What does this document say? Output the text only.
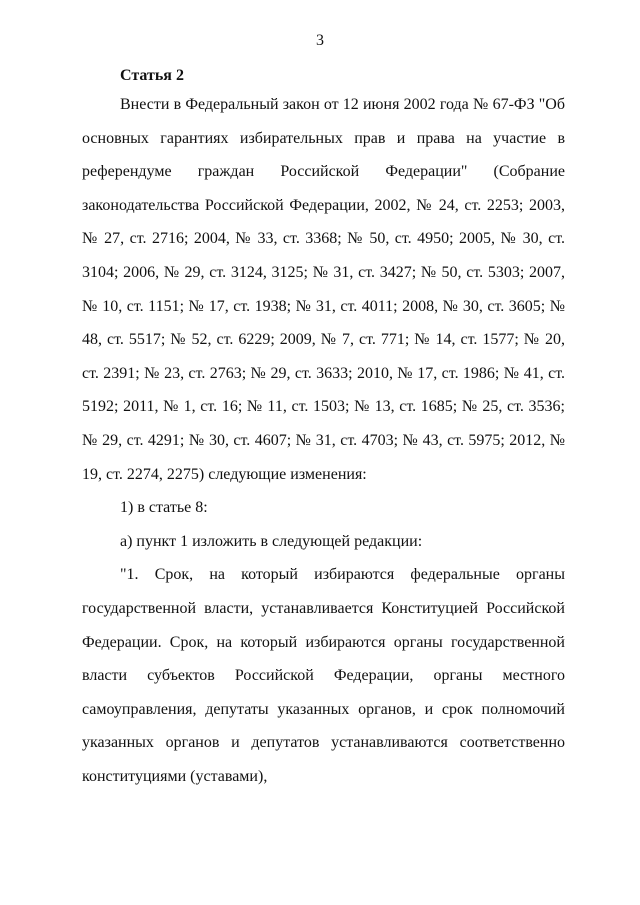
3
Статья 2

Внести в Федеральный закон от 12 июня 2002 года № 67-ФЗ "Об основных гарантиях избирательных прав и права на участие в референдуме граждан Российской Федерации" (Собрание законодательства Российской Федерации, 2002, № 24, ст. 2253; 2003, № 27, ст. 2716; 2004, № 33, ст. 3368; № 50, ст. 4950; 2005, № 30, ст. 3104; 2006, № 29, ст. 3124, 3125; № 31, ст. 3427; № 50, ст. 5303; 2007, № 10, ст. 1151; № 17, ст. 1938; № 31, ст. 4011; 2008, № 30, ст. 3605; № 48, ст. 5517; № 52, ст. 6229; 2009, № 7, ст. 771; № 14, ст. 1577; № 20, ст. 2391; № 23, ст. 2763; № 29, ст. 3633; 2010, № 17, ст. 1986; № 41, ст. 5192; 2011, № 1, ст. 16; № 11, ст. 1503; № 13, ст. 1685; № 25, ст. 3536; № 29, ст. 4291; № 30, ст. 4607; № 31, ст. 4703; № 43, ст. 5975; 2012, № 19, ст. 2274, 2275) следующие изменения:

1) в статье 8:

а) пункт 1 изложить в следующей редакции:

"1. Срок, на который избираются федеральные органы государственной власти, устанавливается Конституцией Российской Федерации. Срок, на который избираются органы государственной власти субъектов Российской Федерации, органы местного самоуправления, депутаты указанных органов, и срок полномочий указанных органов и депутатов устанавливаются соответственно конституциями (уставами),
